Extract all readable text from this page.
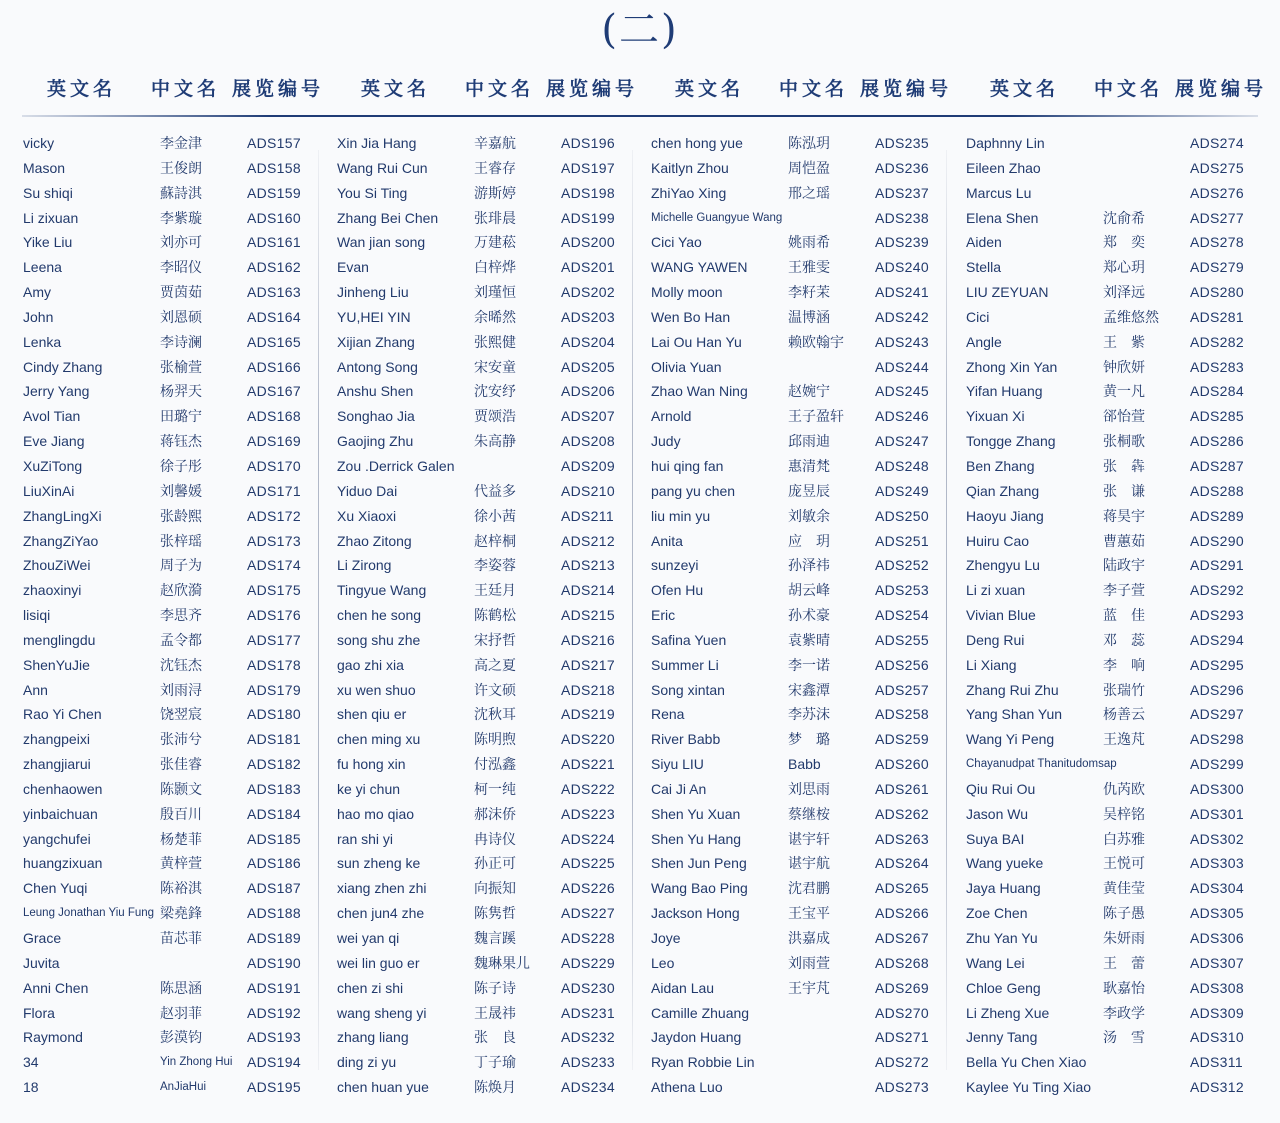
(二)
英文名 中文名 展览编号 英文名 中文名 展览编号 英文名 中文名 展览编号 英文名 中文名 展览编号
vicky	李金津	ADS157
Mason	王俊朗	ADS158
Su shiqi	蘇詩淇	ADS159
Li zixuan	李紫璇	ADS160
Yike Liu	刘亦可	ADS161
Leena	李昭仪	ADS162
Amy	贾茵茹	ADS163
John	刘恩硕	ADS164
Lenka	李诗澜	ADS165
Cindy Zhang	张榆萱	ADS166
Jerry Yang	杨羿天	ADS167
Avol Tian	田璐宁	ADS168
Eve Jiang	蒋钰杰	ADS169
XuZiTong	徐子彤	ADS170
LiuXinAi	刘馨媛	ADS171
ZhangLingXi	张龄熙	ADS172
ZhangZiYao	张梓瑶	ADS173
ZhouZiWei	周子为	ADS174
zhaoxinyi	赵欣漪	ADS175
lisiqi	李思齐	ADS176
menglingdu	孟令都	ADS177
ShenYuJie	沈钰杰	ADS178
Ann	刘雨浔	ADS179
Rao Yi Chen	饶翌宸	ADS180
zhangpeixi	张沛兮	ADS181
zhangjiarui	张佳睿	ADS182
chenhaowen	陈颢文	ADS183
yinbaichuan	殷百川	ADS184
yangchufei	杨楚菲	ADS185
huangzixuan	黄梓萱	ADS186
Chen Yuqi	陈裕淇	ADS187
Leung Jonathan Yiu Fung 梁堯鋒	ADS188
Grace	苗芯菲	ADS189
Juvita	ADS190
Anni Chen	陈思涵	ADS191
Flora	赵羽菲	ADS192
Raymond	彭漠钧	ADS193
34	Yin Zhong Hui ADS194
18	AnJiaHui	ADS195
Xin Jia Hang	辛嘉航	ADS196
Wang Rui Cun	王睿存	ADS197
You Si Ting	游斯婷	ADS198
Zhang Bei Chen	张琲晨	ADS199
Wan jian song	万建菘	ADS200
Evan	白梓烨	ADS201
Jinheng Liu	刘瑾恒	ADS202
YU,HEI YIN	余晞然	ADS203
Xijian Zhang	张熙健	ADS204
Antong Song	宋安童	ADS205
Anshu Shen	沈安纾	ADS206
Songhao Jia	贾颂浩	ADS207
Gaojing Zhu	朱高静	ADS208
Zou .Derrick Galen	ADS209
Yiduo Dai	代益多	ADS210
Xu Xiaoxi	徐小茜	ADS211
Zhao Zitong	赵梓桐	ADS212
Li Zirong	李姿蓉	ADS213
Tingyue Wang	王廷月	ADS214
chen he song	陈鹤松	ADS215
song shu zhe	宋抒哲	ADS216
gao zhi xia	高之夏	ADS217
xu wen shuo	许文硕	ADS218
shen qiu er	沈秋耳	ADS219
chen ming xu	陈明煦	ADS220
fu hong xin	付泓鑫	ADS221
ke yi chun	柯一纯	ADS222
hao mo qiao	郝沫侨	ADS223
ran shi yi	冉诗仪	ADS224
sun zheng ke	孙正可	ADS225
xiang zhen zhi	向振知	ADS226
chen jun4 zhe	陈隽哲	ADS227
wei yan qi	魏言蹊	ADS228
wei lin guo er	魏琳果儿 ADS229
chen zi shi	陈子诗	ADS230
wang sheng yi	王晟祎	ADS231
zhang liang	张　良	ADS232
ding zi yu	丁子瑜	ADS233
chen huan yue	陈焕月	ADS234
chen hong yue	陈泓玥	ADS235
Kaitlyn Zhou	周恺盈	ADS236
ZhiYao Xing	邢之瑶	ADS237
Michelle Guangyue Wang	ADS238
Cici Yao	姚雨希	ADS239
WANG YAWEN	王雅雯	ADS240
Molly moon	李籽茉	ADS241
Wen Bo Han	温博涵	ADS242
Lai Ou Han Yu	赖欧翰宇 ADS243
Olivia Yuan	ADS244
Zhao Wan Ning	赵婉宁	ADS245
Arnold	王子盈轩 ADS246
Judy	邱雨迪	ADS247
hui qing fan	惠清梵	ADS248
pang yu chen	庞昱辰	ADS249
liu min yu	刘敏余	ADS250
Anita	应　玥	ADS251
sunzeyi	孙泽祎	ADS252
Ofen Hu	胡云峰	ADS253
Eric	孙术豪	ADS254
Safina Yuen	袁紫晴	ADS255
Summer Li	李一诺	ADS256
Song xintan	宋鑫潭	ADS257
Rena	李苏沫	ADS258
River Babb	梦　璐	ADS259
Siyu LIU	Babb	ADS260
Cai Ji An	刘思雨	ADS261
Shen Yu Xuan	蔡继桉	ADS262
Shen Yu Hang	谌宇轩	ADS263
Shen Jun Peng	谌宇航	ADS264
Wang Bao Ping	沈君鹏	ADS265
Jackson Hong	王宝平	ADS266
Joye	洪嘉成	ADS267
Leo	刘雨萱	ADS268
Aidan Lau	王宇芃	ADS269
Camille Zhuang	ADS270
Jaydon Huang	ADS271
Ryan Robbie Lin	ADS272
Athena Luo	ADS273
Daphnny Lin	ADS274
Eileen Zhao	ADS275
Marcus Lu	ADS276
Elena Shen	沈俞希	ADS277
Aiden	郑　奕	ADS278
Stella	郑心玥	ADS279
LIU ZEYUAN	刘泽远	ADS280
Cici	孟维悠然 ADS281
Angle	王　紫	ADS282
Zhong Xin Yan	钟欣妍	ADS283
Yifan Huang	黄一凡	ADS284
Yixuan Xi	郤怡萱	ADS285
Tongge Zhang	张桐歌	ADS286
Ben Zhang	张　犇	ADS287
Qian Zhang	张　谦	ADS288
Haoyu Jiang	蒋昊宇	ADS289
Huiru Cao	曹蕙茹	ADS290
Zhengyu Lu	陆政宇	ADS291
Li zi xuan	李子萱	ADS292
Vivian Blue	蓝　佳	ADS293
Deng Rui	邓　蕊	ADS294
Li Xiang	李　响	ADS295
Zhang Rui Zhu	张瑞竹	ADS296
Yang Shan Yun	杨善云	ADS297
Wang Yi Peng	王逸芃	ADS298
Chayanudpat Thanitudomsap	ADS299
Qiu Rui Ou	仇芮欧	ADS300
Jason Wu	吴梓铭	ADS301
Suya BAI	白苏雅	ADS302
Wang yueke	王悦可	ADS303
Jaya Huang	黄佳莹	ADS304
Zoe Chen	陈子愚	ADS305
Zhu Yan Yu	朱妍雨	ADS306
Wang Lei	王　蕾	ADS307
Chloe Geng	耿嘉怡	ADS308
Li Zheng Xue	李政学	ADS309
Jenny Tang	汤　雪	ADS310
Bella Yu Chen Xiao	ADS311
Kaylee Yu Ting Xiao	ADS312
